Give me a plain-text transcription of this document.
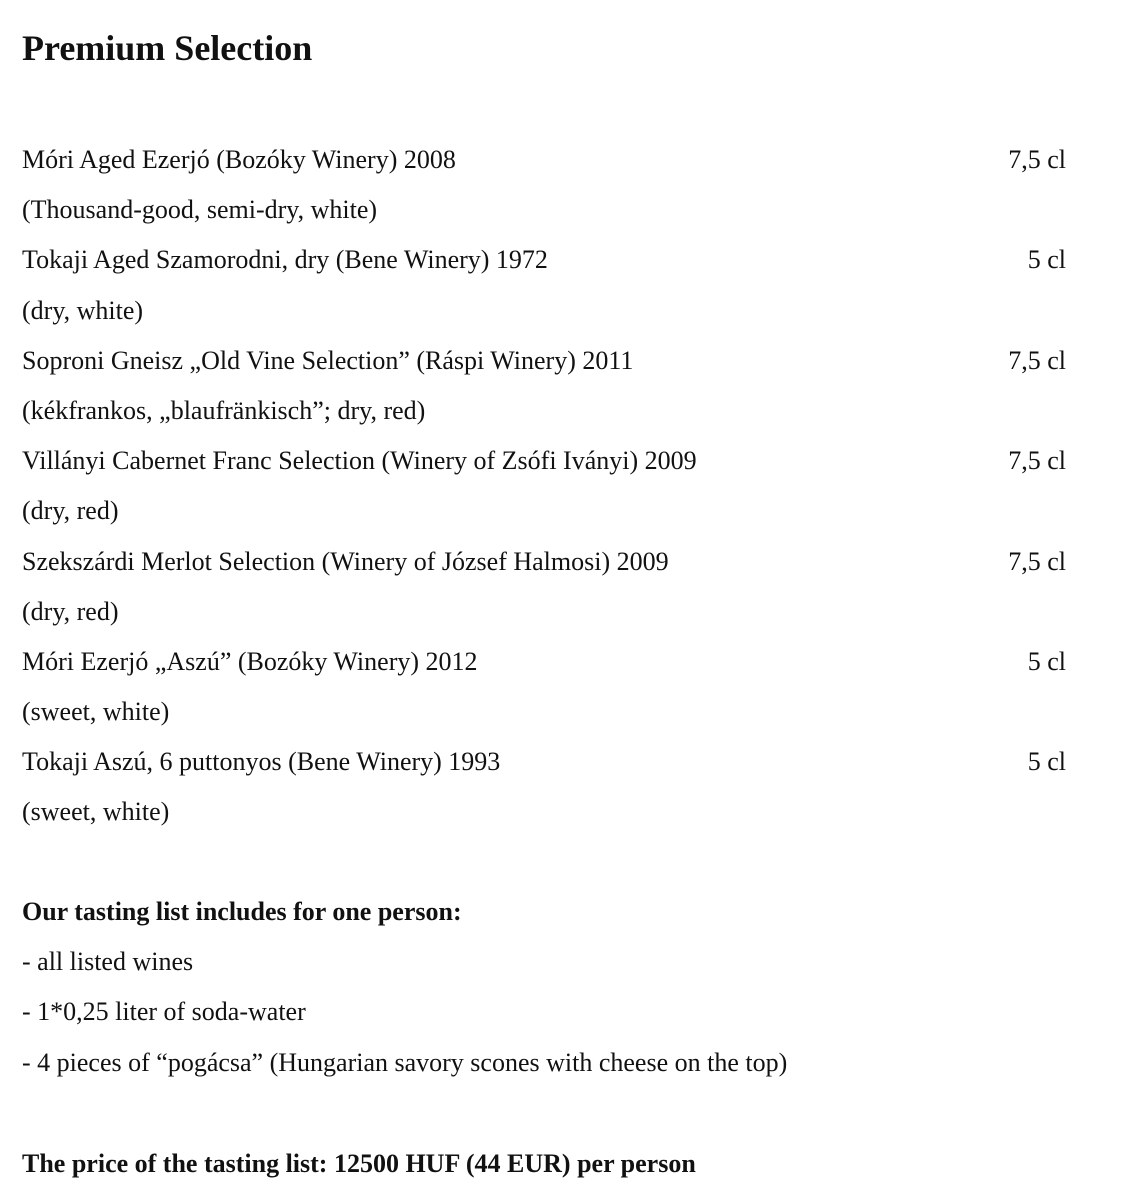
Premium Selection
Móri Aged Ezerjó (Bozóky Winery) 2008	7,5 cl
(Thousand-good, semi-dry, white)
Tokaji Aged Szamorodni, dry (Bene Winery) 1972	5 cl
(dry, white)
Soproni Gneisz „Old Vine Selection” (Ráspi Winery) 2011	7,5 cl
(kékfrankos, „blaufränkisch”; dry, red)
Villányi Cabernet Franc Selection (Winery of Zsófi Iványi) 2009	7,5 cl
(dry, red)
Szekszárdi Merlot Selection (Winery of József Halmosi) 2009	7,5 cl
(dry, red)
Móri Ezerjó „Aszú” (Bozóky Winery) 2012	5 cl
(sweet, white)
Tokaji Aszú, 6 puttonyos (Bene Winery) 1993	5 cl
(sweet, white)
Our tasting list includes for one person:
- all listed wines
- 1*0,25 liter of soda-water
- 4 pieces of “pogácsa” (Hungarian savory scones with cheese on the top)
The price of the tasting list: 12500 HUF (44 EUR) per person
